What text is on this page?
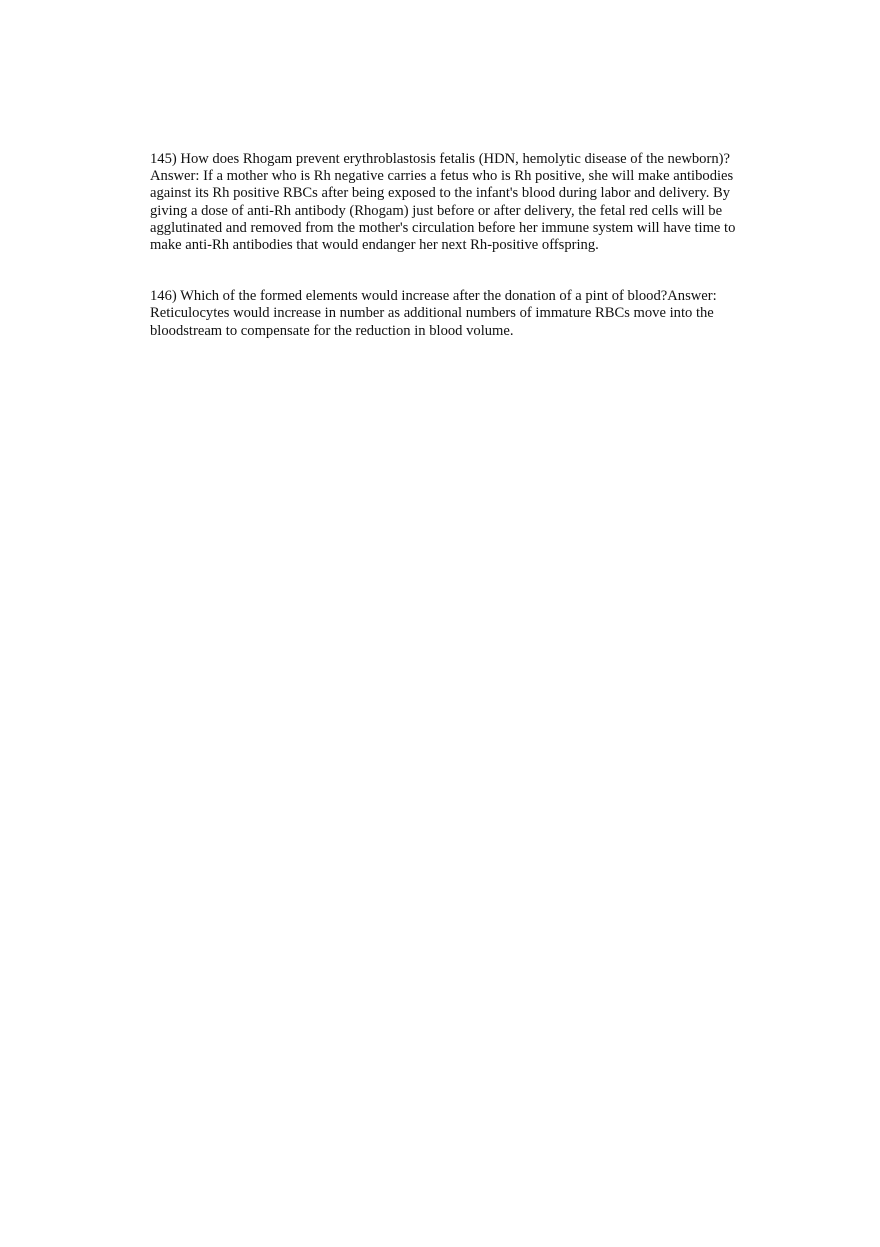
145) How does Rhogam prevent erythroblastosis fetalis (HDN, hemolytic disease of the newborn)?

Answer: If a mother who is Rh negative carries a fetus who is Rh positive, she will make antibodies against its Rh positive RBCs after being exposed to the infant's blood during labor and delivery. By giving a dose of anti-Rh antibody (Rhogam) just before or after delivery, the fetal red cells will be agglutinated and removed from the mother's circulation before her immune system will have time to make anti-Rh antibodies that would endanger her next Rh-positive offspring.

146) Which of the formed elements would increase after the donation of a pint of blood?Answer: Reticulocytes would increase in number as additional numbers of immature RBCs move into the bloodstream to compensate for the reduction in blood volume.
